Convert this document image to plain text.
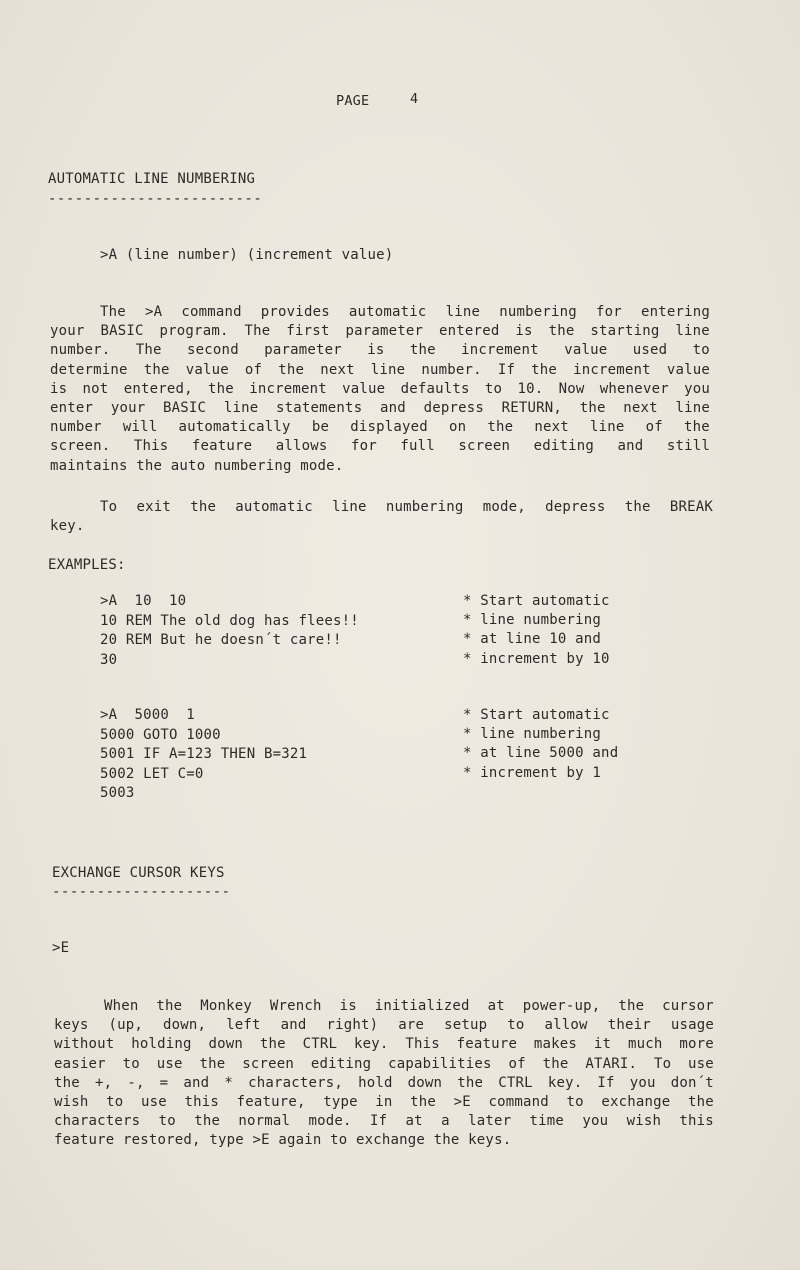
PAGE	4
AUTOMATIC LINE NUMBERING
------------------------
>A (line number) (increment value)
The >A command provides automatic line numbering for entering
your BASIC program. The first parameter entered is the starting line
number. The second parameter is the increment value used to
determine the value of the next line number. If the increment value
is not entered, the increment value defaults to 10. Now whenever you
enter your BASIC line statements and depress RETURN, the next line
number will automatically be displayed on the next line of the
screen. This feature allows for full screen editing and still
maintains the auto numbering mode.
To exit the automatic line numbering mode, depress the BREAK
key.
EXAMPLES:
>A  10  10
10 REM The old dog has flees!!
20 REM But he doesn´t care!!
30
* Start automatic
* line numbering
* at line 10 and
* increment by 10
>A  5000  1
5000 GOTO 1000
5001 IF A=123 THEN B=321
5002 LET C=0
5003
* Start automatic
* line numbering
* at line 5000 and
* increment by 1
EXCHANGE CURSOR KEYS
--------------------
>E
When the Monkey Wrench is initialized at power-up, the cursor
keys (up, down, left and right) are setup to allow their usage
without holding down the CTRL key. This feature makes it much more
easier to use the screen editing capabilities of the ATARI. To use
the +, -, = and * characters, hold down the CTRL key. If you don´t
wish to use this feature, type in the >E command to exchange the
characters to the normal mode. If at a later time you wish this
feature restored, type >E again to exchange the keys.
